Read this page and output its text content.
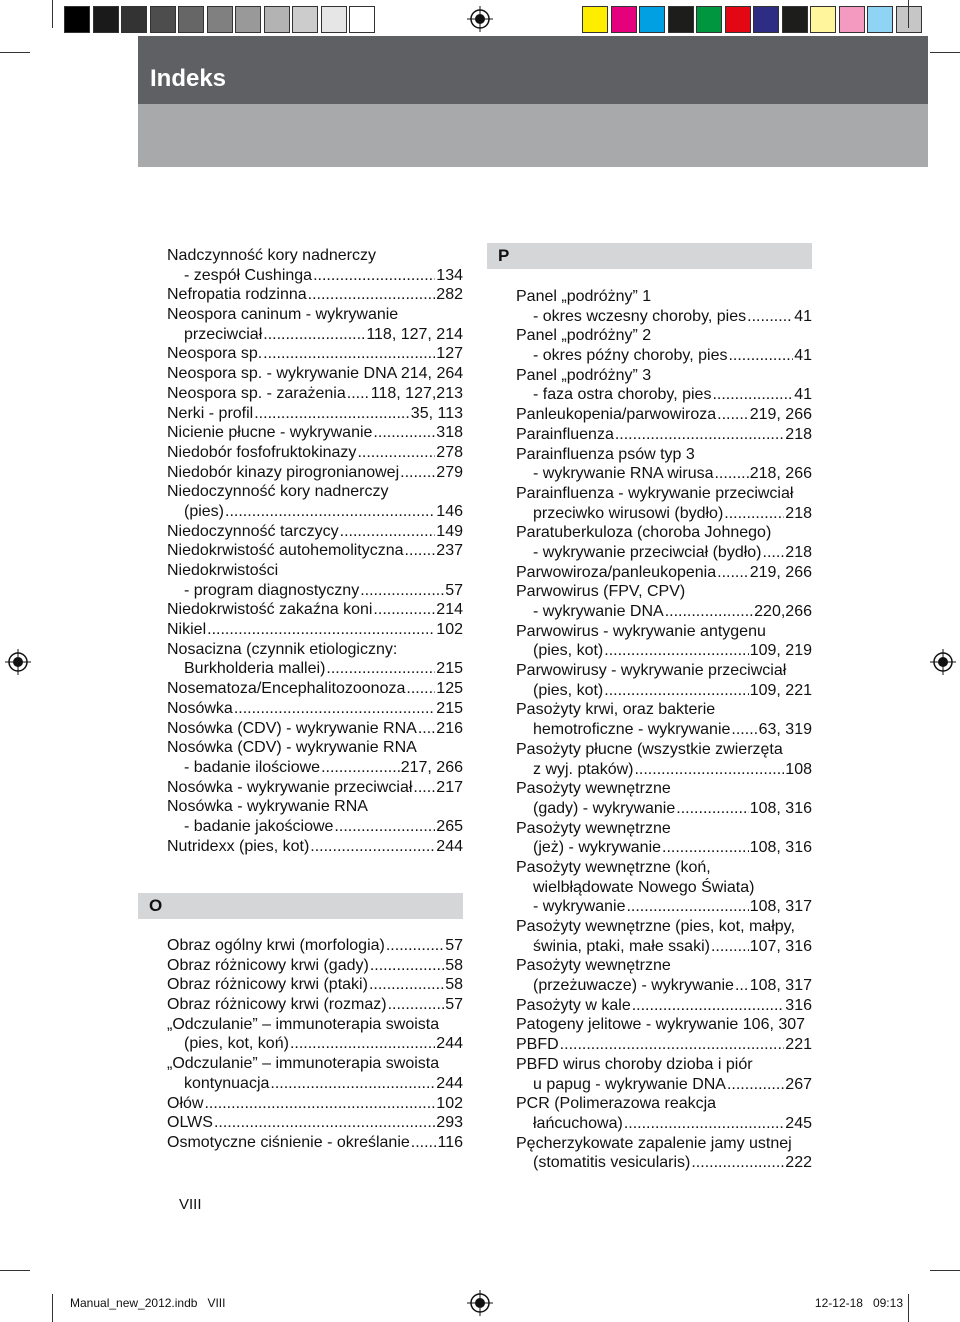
Indeks
Nadczynność kory nadnerczy
- zespół Cushinga .....	134
Nefropatia rodzinna .....	282
Neospora caninum - wykrywanie
przeciwciał .....	118, 127, 214
Neospora sp. .....	127
Neospora sp. - wykrywanie DNA 214, 264
Neospora sp. - zarażenia ..... 118, 127,213
Nerki - profil .....	35, 113
Nicienie płucne - wykrywanie .....	318
Niedobór fosfofruktokinazy .....	278
Niedobór kinazy pirogronianowej ..... 279
Niedoczynność kory nadnerczy
(pies) .....	146
Niedoczynność tarczycy .....	149
Niedokrwistość autohemolityczna ..... 237
Niedokrwistości
- program diagnostyczny .....	57
Niedokrwistość zakaźna koni .....	214
Nikiel .....	102
Nosacizna (czynnik etiologiczny:
Burkholderia mallei) .....	215
Nosematoza/Encephalitozoonoza ..... 125
Nosówka .....	215
Nosówka (CDV) - wykrywanie RNA ..... 216
Nosówka (CDV) - wykrywanie RNA
- badanie ilościowe .....	217, 266
Nosówka - wykrywanie przeciwciał ..... 217
Nosówka - wykrywanie RNA
- badanie jakościowe .....	265
Nutridexx (pies, kot) .....	244
O
Obraz ogólny krwi (morfologia) .....	57
Obraz różnicowy krwi (gady) .....	58
Obraz różnicowy krwi (ptaki) .....	58
Obraz różnicowy krwi (rozmaz) .....	57
„Odczulanie” – immunoterapia swoista
(pies, kot, koń) .....	244
„Odczulanie” – immunoterapia swoista
kontynuacja .....	244
Ołów .....	102
OLWS .....	293
Osmotyczne ciśnienie - określanie ..... 116
P
Panel „podróżny” 1
- okres wczesny choroby, pies .....	41
Panel „podróżny” 2
- okres późny choroby, pies .....	41
Panel „podróżny” 3
- faza ostra choroby, pies .....	41
Panleukopenia/parwowiroza ..... 219, 266
Parainfluenza .....	218
Parainfluenza psów typ 3
- wykrywanie RNA wirusa ..... 218, 266
Parainfluenza - wykrywanie przeciwciał
przeciwko wirusowi (bydło) .....	218
Paratuberkuloza (choroba Johnego)
- wykrywanie przeciwciał (bydło) ..... 218
Parwowiroza/panleukopenia ..... 219, 266
Parwowirus (FPV, CPV)
- wykrywanie DNA .....	220,266
Parwowirus - wykrywanie antygenu
(pies, kot) .....	109, 219
Parwowirusy - wykrywanie przeciwciał
(pies, kot) .....	109, 221
Pasożyty krwi, oraz bakterie
hemotroficzne - wykrywanie ..... 63, 319
Pasożyty płucne (wszystkie zwierzęta
z wyj. ptaków) .....	108
Pasożyty wewnętrzne
(gady) - wykrywanie .....	108, 316
Pasożyty wewnętrzne
(jeż) - wykrywanie .....	108, 316
Pasożyty wewnętrzne (koń,
wielbłądowate Nowego Świata)
- wykrywanie .....	108, 317
Pasożyty wewnętrzne (pies, kot, małpy,
świnia, ptaki, małe ssaki) ..... 107, 316
Pasożyty wewnętrzne
(przeżuwacze) - wykrywanie ..... 108, 317
Pasożyty w kale .....	316
Patogeny jelitowe - wykrywanie 106, 307
PBFD .....	221
PBFD wirus choroby dzioba i piór
u papug - wykrywanie DNA .....	267
PCR (Polimerazowa reakcja
łańcuchowa) .....	245
Pęcherzykowate zapalenie jamy ustnej
(stomatitis vesicularis) .....	222
VIII
Manual_new_2012.indb VIII	12-12-18   09:13
